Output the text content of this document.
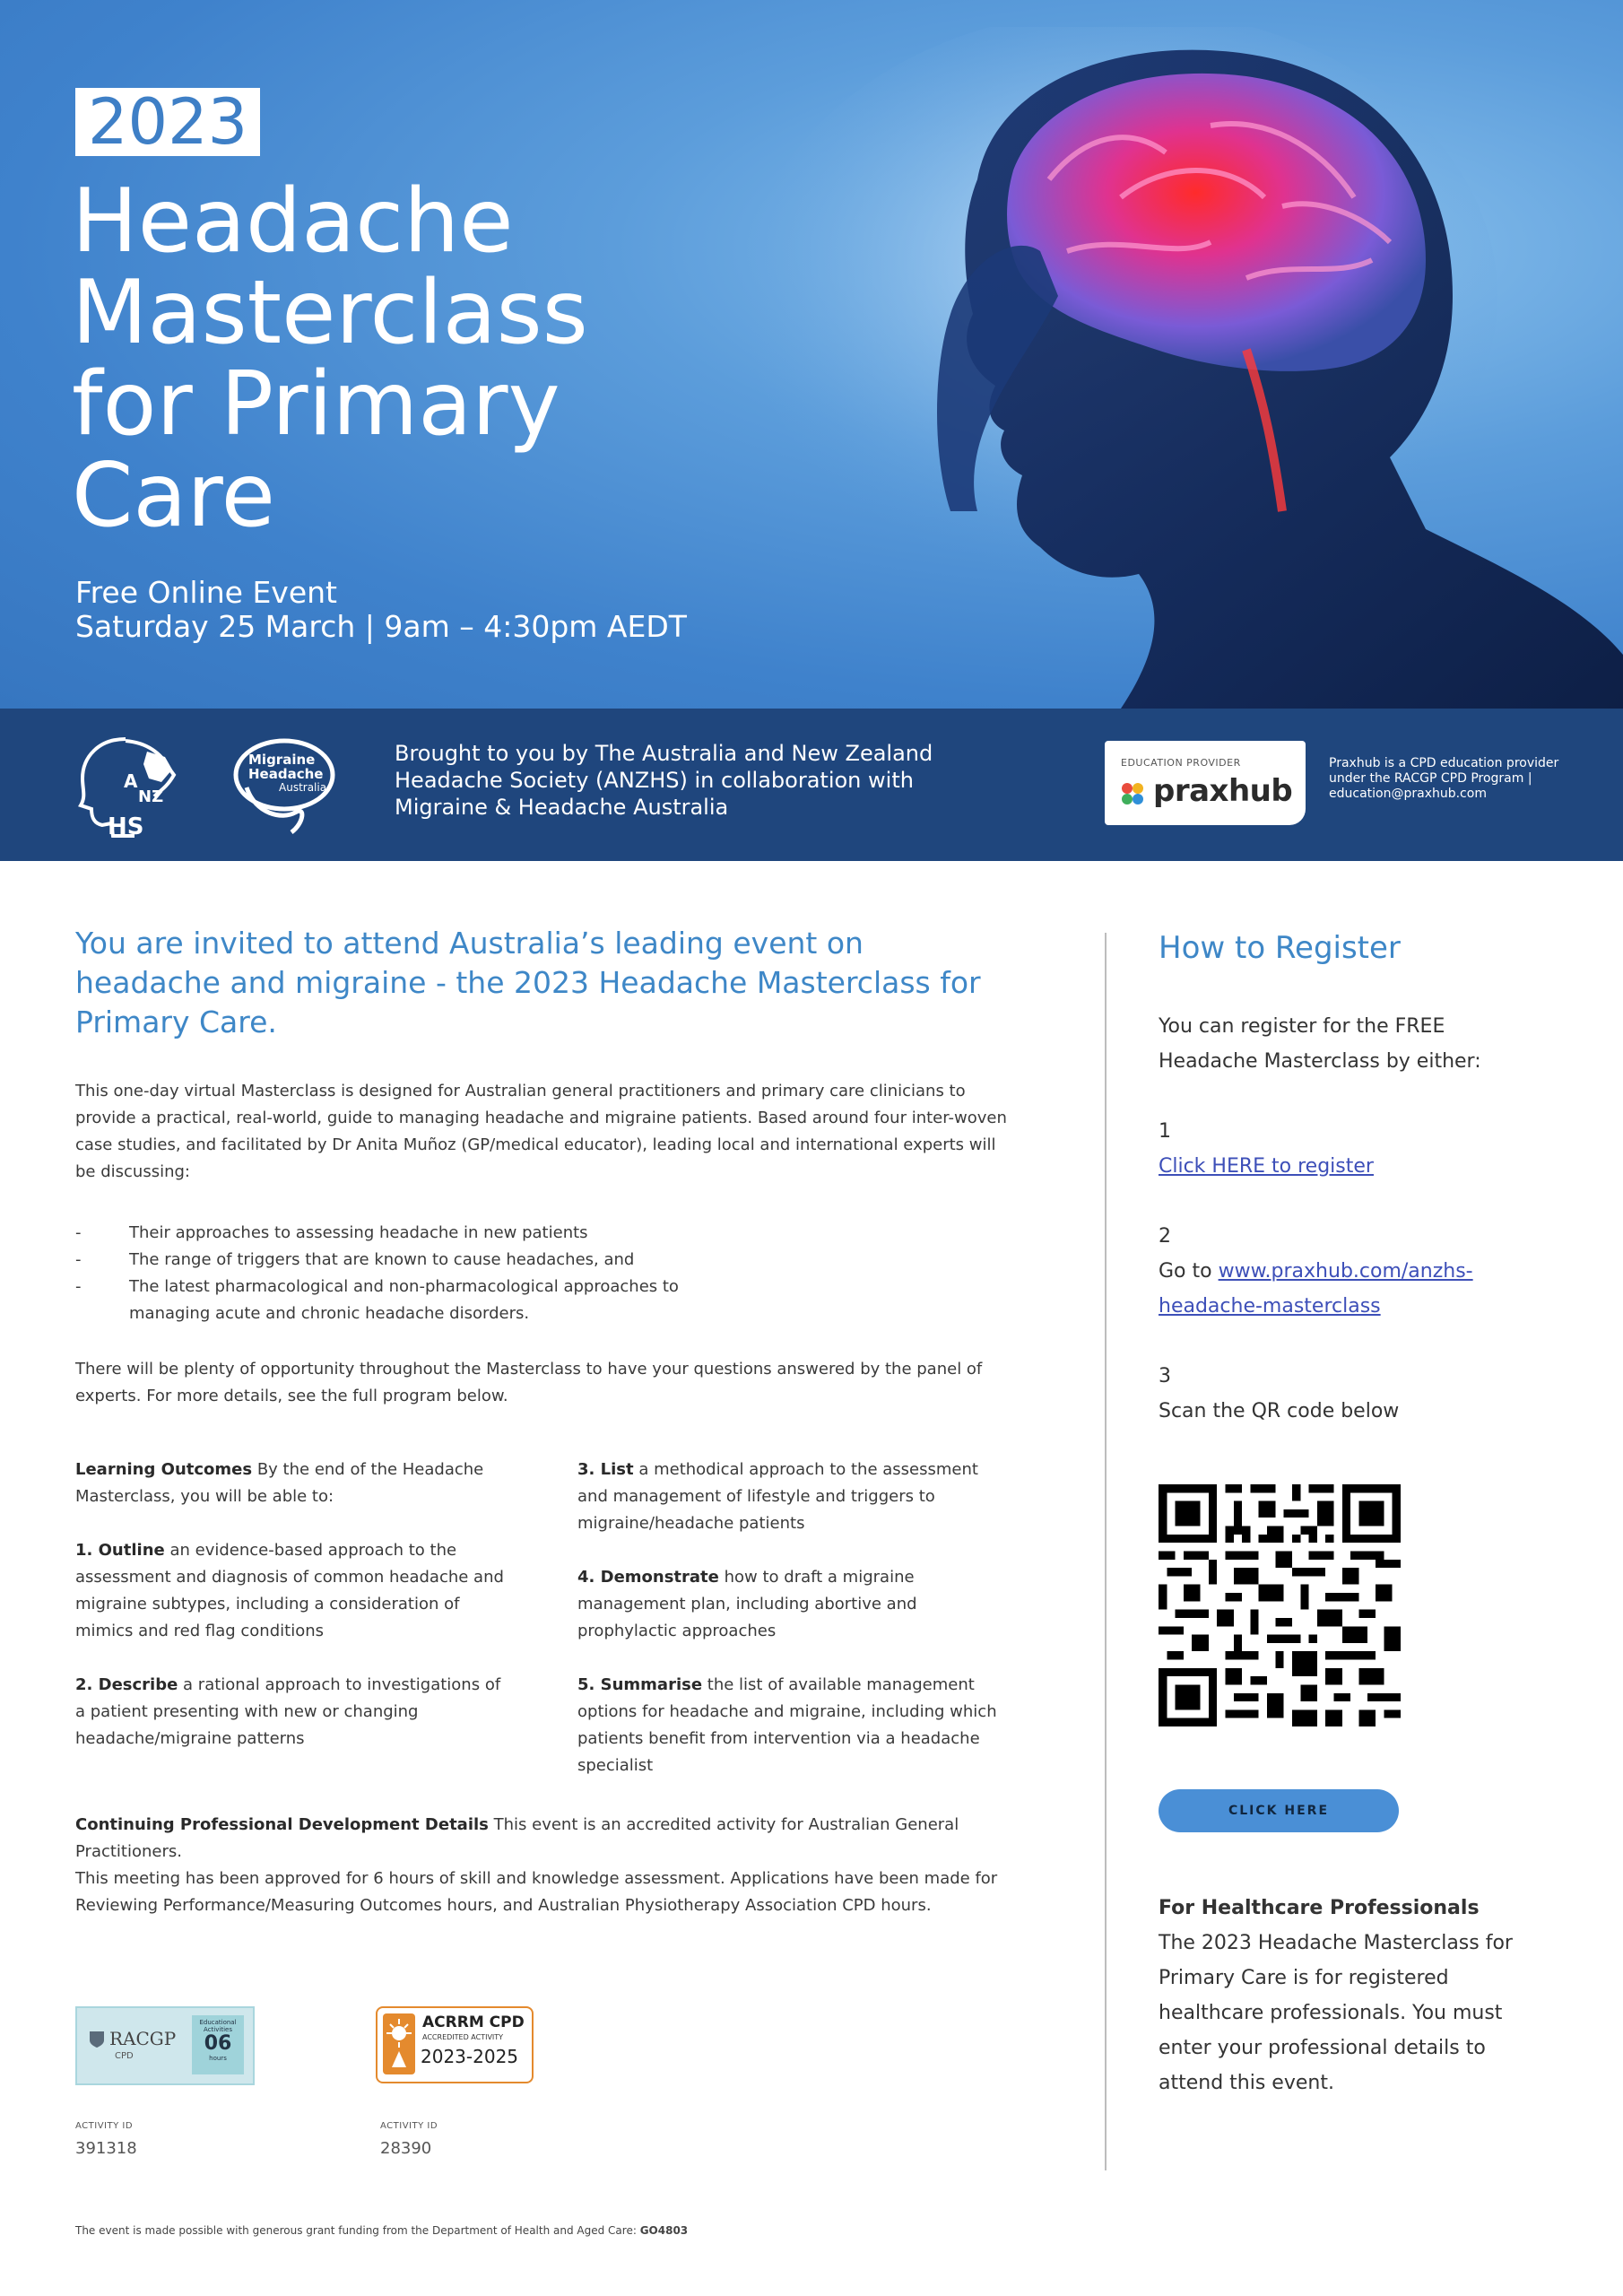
2023
Headache
Masterclass
for Primary
Care
Free Online Event
Saturday 25 March | 9am – 4:30pm AEDT
A
NZ
HS
Migraine
Headache
Australia
Brought to you by The Australia and New Zealand Headache Society (ANZHS) in collaboration with Migraine & Headache Australia
EDUCATION PROVIDER
praxhub
Praxhub is a CPD education provider under the RACGP CPD Program | education@praxhub.com
You are invited to attend Australia’s leading event on headache and migraine - the 2023 Headache Masterclass for Primary Care.

This one-day virtual Masterclass is designed for Australian general practitioners and primary care clinicians to provide a practical, real-world, guide to managing headache and migraine patients. Based around four inter-woven case studies, and facilitated by Dr Anita Muñoz (GP/medical educator), leading local and international experts will be discussing:

- Their approaches to assessing headache in new patients
- The range of triggers that are known to cause headaches, and
- The latest pharmacological and non-pharmacological approaches to managing acute and chronic headache disorders.

There will be plenty of opportunity throughout the Masterclass to have your questions answered by the panel of experts. For more details, see the full program below.

Learning Outcomes By the end of the Headache Masterclass, you will be able to:

1. Outline an evidence-based approach to the assessment and diagnosis of common headache and migraine subtypes, including a consideration of mimics and red flag conditions

2. Describe a rational approach to investigations of a patient presenting with new or changing headache/migraine patterns

3. List a methodical approach to the assessment and management of lifestyle and triggers to migraine/headache patients

4. Demonstrate how to draft a migraine management plan, including abortive and prophylactic approaches

5. Summarise the list of available management options for headache and migraine, including which patients benefit from intervention via a headache specialist

Continuing Professional Development Details This event is an accredited activity for Australian General Practitioners.

This meeting has been approved for 6 hours of skill and knowledge assessment. Applications have been made for Reviewing Performance/Measuring Outcomes hours, and Australian Physiotherapy Association CPD hours.

RACGP
CPD
Educational Activities
06
hours
ACTIVITY ID
391318
ACRRM CPD
ACCREDITED ACTIVITY
2023-2025
ACTIVITY ID
28390
The event is made possible with generous grant funding from the Department of Health and Aged Care: GO4803
How to Register
You can register for the FREE Headache Masterclass by either:
1
Click HERE to register
2
Go to www.praxhub.com/anzhs-headache-masterclass
3
Scan the QR code below
CLICK HERE
For Healthcare Professionals
The 2023 Headache Masterclass for Primary Care is for registered healthcare professionals. You must enter your professional details to attend this event.
